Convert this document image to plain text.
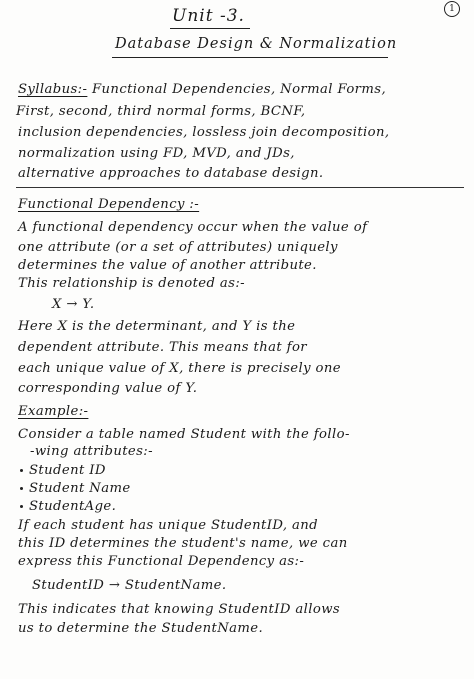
1
Unit -3.
Database Design & Normalization
Syllabus:- Functional Dependencies, Normal Forms,
First, second, third normal forms, BCNF,
inclusion dependencies, lossless join decomposition,
normalization using FD, MVD, and JDs,
alternative approaches to database design.
Functional Dependency :-
A functional dependency occur when the value of
one attribute (or a set of attributes) uniquely
determines the value of another attribute.
This relationship is denoted as:-
X → Y.
Here X is the determinant, and Y is the
dependent attribute. This means that for
each unique value of X, there is precisely one
corresponding value of Y.
Example:-
Consider a table named Student with the follo-
-wing attributes:-
Student ID
Student Name
StudentAge.
If each student has unique StudentID, and
this ID determines the student's name, we can
express this Functional Dependency as:-
StudentID → StudentName.
This indicates that knowing StudentID allows
us to determine the StudentName.
